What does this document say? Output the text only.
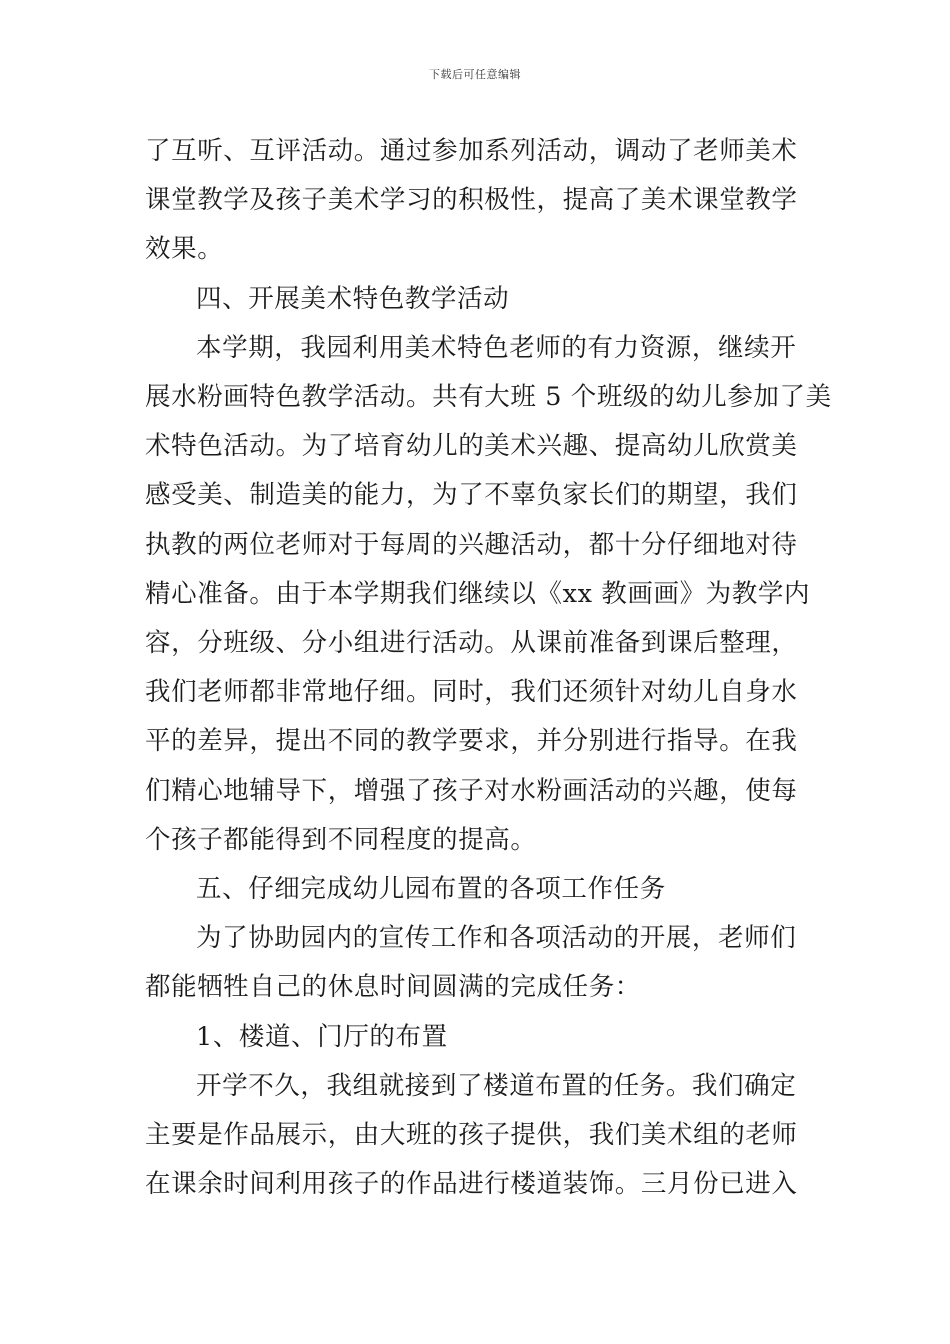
下载后可任意编辑
了互听、互评活动。通过参加系列活动，调动了老师美术
课堂教学及孩子美术学习的积极性，提高了美术课堂教学
效果。
四、开展美术特色教学活动
本学期，我园利用美术特色老师的有力资源，继续开
展水粉画特色教学活动。共有大班 5 个班级的幼儿参加了美
术特色活动。为了培育幼儿的美术兴趣、提高幼儿欣赏美
感受美、制造美的能力，为了不辜负家长们的期望，我们
执教的两位老师对于每周的兴趣活动，都十分仔细地对待
精心准备。由于本学期我们继续以《xx 教画画》为教学内
容，分班级、分小组进行活动。从课前准备到课后整理，
我们老师都非常地仔细。同时，我们还须针对幼儿自身水
平的差异，提出不同的教学要求，并分别进行指导。在我
们精心地辅导下，增强了孩子对水粉画活动的兴趣，使每
个孩子都能得到不同程度的提高。
五、仔细完成幼儿园布置的各项工作任务
为了协助园内的宣传工作和各项活动的开展，老师们
都能牺牲自己的休息时间圆满的完成任务：
1、楼道、门厅的布置
开学不久，我组就接到了楼道布置的任务。我们确定
主要是作品展示，由大班的孩子提供，我们美术组的老师
在课余时间利用孩子的作品进行楼道装饰。三月份已进入
